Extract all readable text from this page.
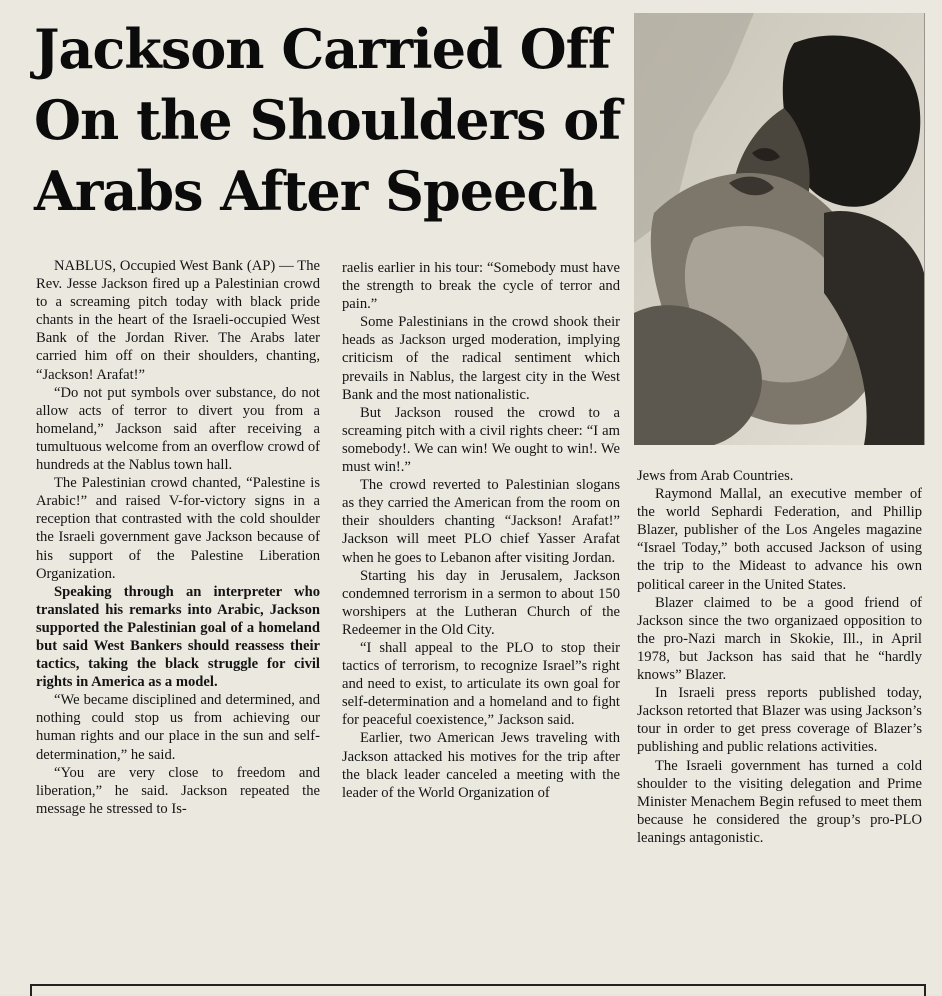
Jackson Carried Off
On the Shoulders of
Arabs After Speech

NABLUS, Occupied West Bank (AP) — The Rev. Jesse Jackson fired up a Palestinian crowd to a screaming pitch today with black pride chants in the heart of the Israeli-occupied West Bank of the Jordan River. The Arabs later carried him off on their shoulders, chanting, “Jackson! Arafat!”

“Do not put symbols over substance, do not allow acts of terror to divert you from a homeland,” Jackson said after receiving a tumultuous welcome from an overflow crowd of hundreds at the Nablus town hall.

The Palestinian crowd chanted, “Palestine is Arabic!” and raised V-for-victory signs in a reception that contrasted with the cold shoulder the Israeli government gave Jackson because of his support of the Palestine Liberation Organization.

Speaking through an interpreter who translated his remarks into Arabic, Jackson supported the Palestinian goal of a homeland but said West Bankers should reassess their tactics, taking the black struggle for civil rights in America as a model.

“We became disciplined and determined, and nothing could stop us from achieving our human rights and our place in the sun and self-determination,” he said.

“You are very close to freedom and liberation,” he said. Jackson repeated the message he stressed to Is-

raelis earlier in his tour: “Somebody must have the strength to break the cycle of terror and pain.”

Some Palestinians in the crowd shook their heads as Jackson urged moderation, implying criticism of the radical sentiment which prevails in Nablus, the largest city in the West Bank and the most nationalistic.

But Jackson roused the crowd to a screaming pitch with a civil rights cheer: “I am somebody!. We can win! We ought to win!. We must win!.”

The crowd reverted to Palestinian slogans as they carried the American from the room on their shoulders chanting “Jackson! Arafat!” Jackson will meet PLO chief Yasser Arafat when he goes to Lebanon after visiting Jordan.

Starting his day in Jerusalem, Jackson condemned terrorism in a sermon to about 150 worshipers at the Lutheran Church of the Redeemer in the Old City.

“I shall appeal to the PLO to stop their tactics of terrorism, to recognize Israel”s right and need to exist, to articulate its own goal for self-determination and a homeland and to fight for peaceful coexistence,” Jackson said.

Earlier, two American Jews traveling with Jackson attacked his motives for the trip after the black leader canceled a meeting with the leader of the World Organization of

Jews from Arab Countries.

Raymond Mallal, an executive member of the world Sephardi Federation, and Phillip Blazer, publisher of the Los Angeles magazine “Israel Today,” both accused Jackson of using the trip to the Mideast to advance his own political career in the United States.

Blazer claimed to be a good friend of Jackson since the two organizaed opposition to the pro-Nazi march in Skokie, Ill., in April 1978, but Jackson has said that he “hardly knows” Blazer.

In Israeli press reports published today, Jackson retorted that Blazer was using Jackson’s tour in order to get press coverage of Blazer’s publishing and public relations activities.

The Israeli government has turned a cold shoulder to the visiting delegation and Prime Minister Menachem Begin refused to meet them because he considered the group’s pro-PLO leanings antagonistic.
